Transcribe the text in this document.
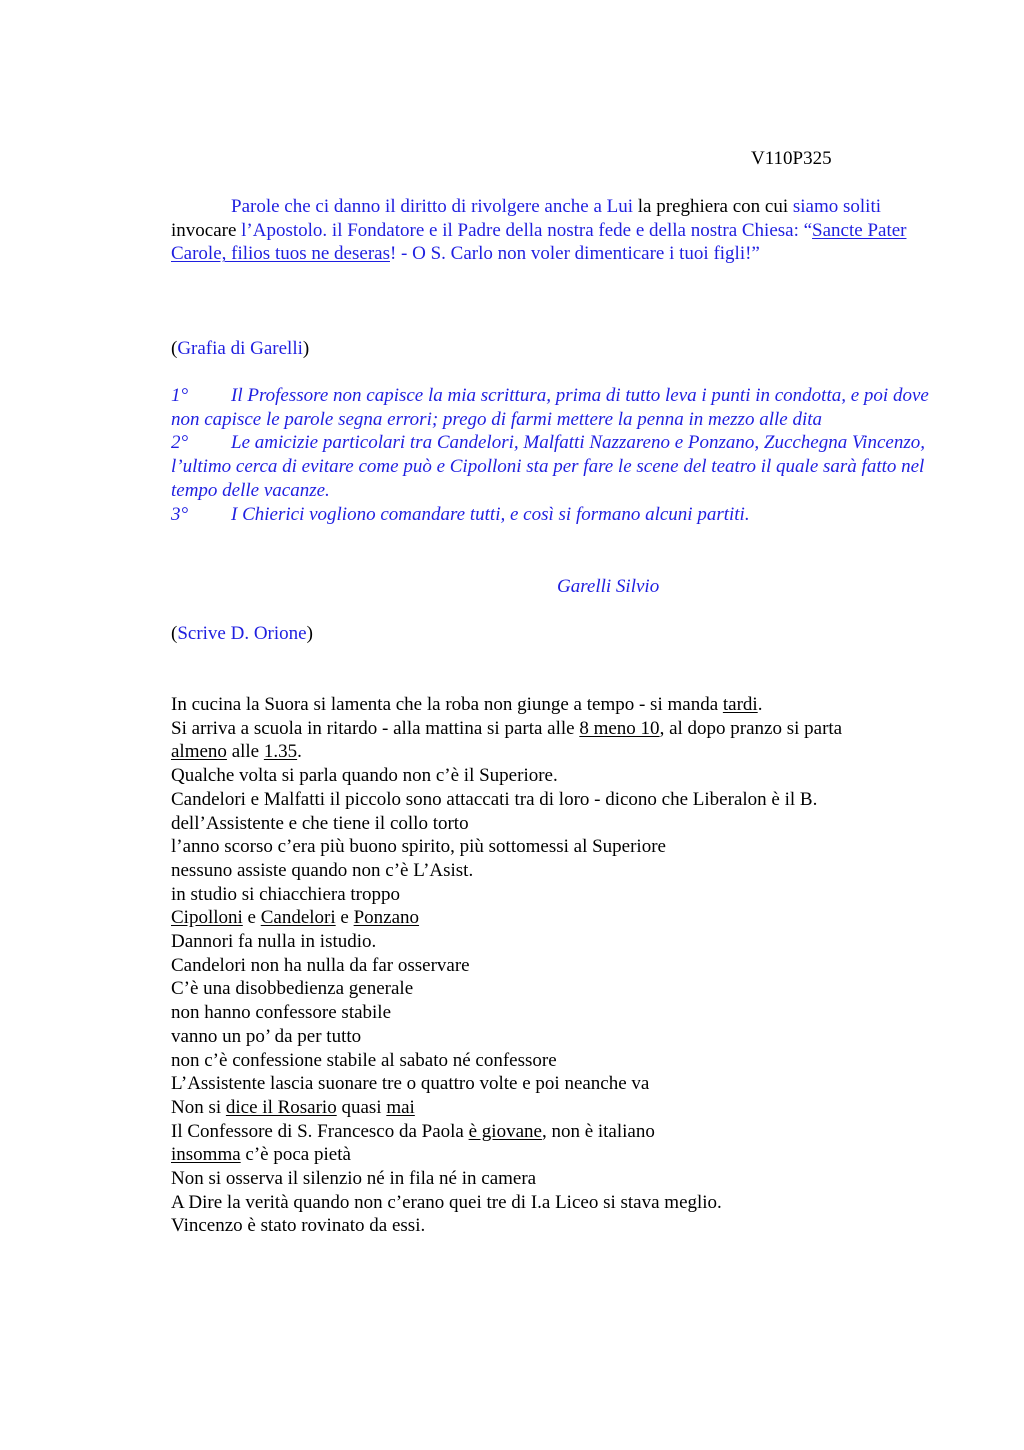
V110P325
Parole che ci danno il diritto di rivolgere anche a Lui la preghiera con cui siamo soliti invocare l’Apostolo. il Fondatore e il Padre della nostra fede e della nostra Chiesa: “Sancte Pater Carole, filios tuos ne deseras! - O S. Carlo non voler dimenticare i tuoi figli!”
(Grafia di Garelli)
1° Il Professore non capisce la mia scrittura, prima di tutto leva i punti in condotta, e poi dove non capisce le parole segna errori; prego di farmi mettere la penna in mezzo alle dita
2° Le amicizie particolari tra Candelori, Malfatti Nazzareno e Ponzano, Zucchegna Vincenzo, l’ultimo cerca di evitare come può e Cipolloni sta per fare le scene del teatro il quale sarà fatto nel tempo delle vacanze.
3° I Chierici vogliono comandare tutti, e così si formano alcuni partiti.
Garelli Silvio
(Scrive D. Orione)
In cucina la Suora si lamenta che la roba non giunge a tempo - si manda tardi.
Si arriva a scuola in ritardo - alla mattina si parta alle 8 meno 10, al dopo pranzo si parta
almeno alle 1.35.
Qualche volta si parla quando non c’è il Superiore.
Candelori e Malfatti il piccolo sono attaccati tra di loro - dicono che Liberalon è il B.
dell’Assistente e che tiene il collo torto
l’anno scorso c’era più buono spirito, più sottomessi al Superiore
nessuno assiste quando non c’è L’Asist.
in studio si chiacchiera troppo
Cipolloni e Candelori e Ponzano
Dannori fa nulla in istudio.
Candelori non ha nulla da far osservare
C’è una disobbedienza generale
non hanno confessore stabile
vanno un po’ da per tutto
non c’è confessione stabile al sabato né confessore
L’Assistente lascia suonare tre o quattro volte e poi neanche va
Non si dice il Rosario quasi mai
Il Confessore di S. Francesco da Paola è giovane, non è italiano
insomma c’è poca pietà
Non si osserva il silenzio né in fila né in camera
A Dire la verità quando non c’erano quei tre di I.a Liceo si stava meglio.
Vincenzo è stato rovinato da essi.
